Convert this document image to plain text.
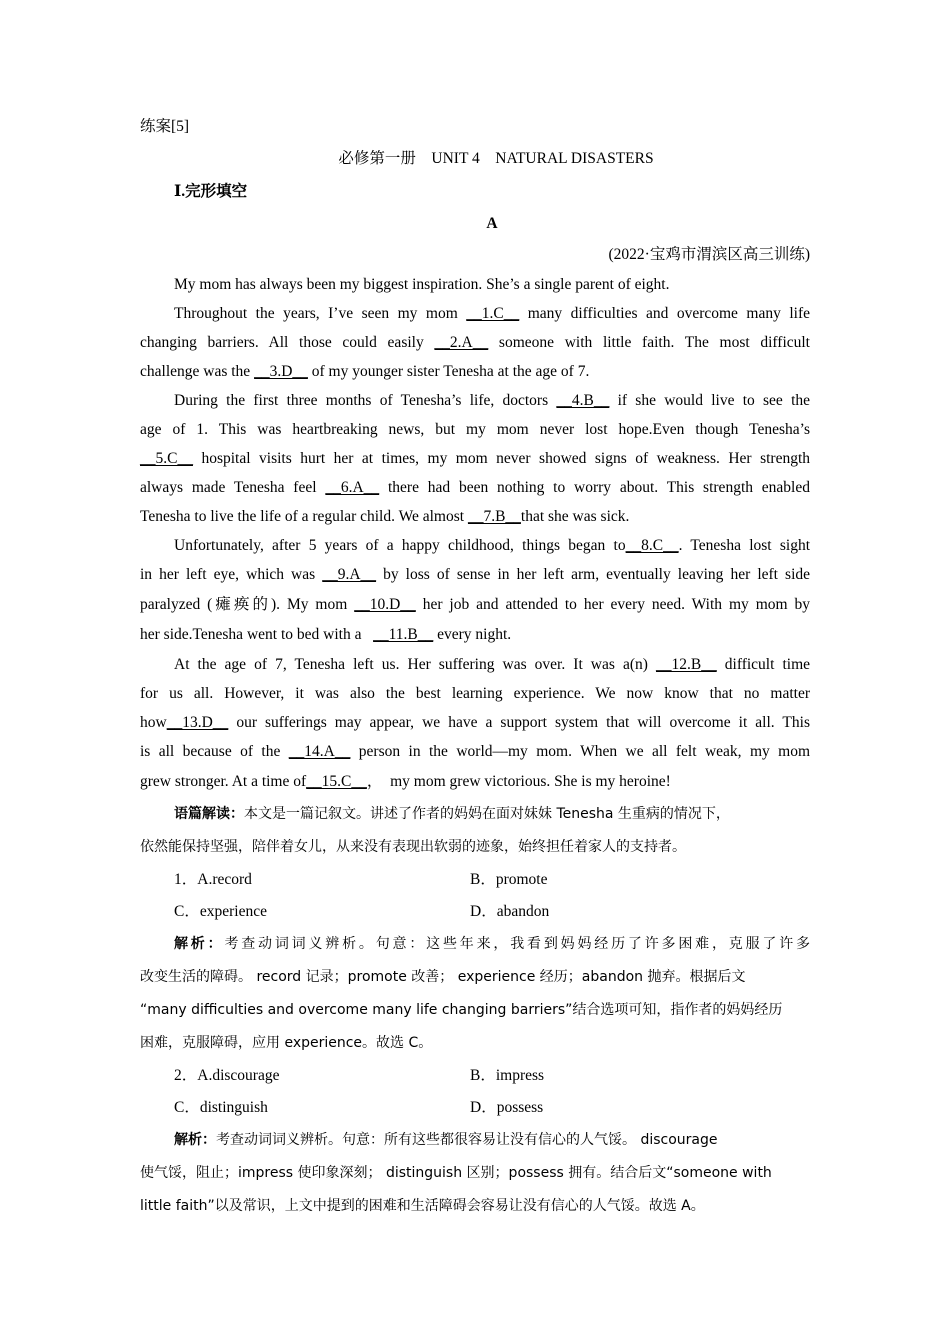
练案[5]
必修第一册　UNIT 4　NATURAL DISASTERS
Ⅰ.完形填空
A
(2022·宝鸡市渭滨区高三训练)
My mom has always been my biggest inspiration. She’s a single parent of eight.
Throughout the years, I’ve seen my mom __1.C__ many difficulties and overcome many life
changing barriers. All those could easily __2.A__ someone with little faith. The most difficult
challenge was the __3.D__ of my younger sister Tenesha at the age of 7.
During the first three months of Tenesha’s life, doctors __4.B__ if she would live to see the
age of 1. This was heartbreaking news, but my mom never lost hope.Even though Tenesha’s
__5.C__ hospital visits hurt her at times, my mom never showed signs of weakness. Her strength
always made Tenesha feel __6.A__ there had been nothing to worry about. This strength enabled
Tenesha to live the life of a regular child. We almost __7.B__that she was sick.
Unfortunately, after 5 years of a happy childhood, things began to__8.C__. Tenesha lost sight
in her left eye, which was __9.A__ by loss of sense in her left arm, eventually leaving her left side
paralyzed (瘫痪的). My mom __10.D__ her job and attended to her every need. With my mom by
her side.Tenesha went to bed with a __11.B__ every night.
At the age of 7, Tenesha left us. Her suffering was over. It was a(n) __12.B__ difficult time
for us all. However, it was also the best learning experience. We now know that no matter
how__13.D__ our sufferings may appear, we have a support system that will overcome it all. This
is all because of the __14.A__ person in the world—my mom. When we all felt weak, my mom
grew stronger. At a time of__15.C__，　my mom grew victorious. She is my heroine!
语篇解读：本文是一篇记叙文。讲述了作者的妈妈在面对妹妹 Tenesha 生重病的情况下，
依然能保持坚强，陪伴着女儿，从来没有表现出软弱的迹象，始终担任着家人的支持者。
1．A.record	B．promote
C．experience	D．abandon
解析：考查动词词义辨析。句意：这些年来，我看到妈妈经历了许多困难，克服了许多
改变生活的障碍。 record 记录；promote 改善； experience 经历；abandon 抛弃。根据后文
“many difficulties and overcome many life changing barriers”结合选项可知，指作者的妈妈经历
困难，克服障碍，应用 experience。故选 C。
2．A.discourage	B．impress
C．distinguish	D．possess
解析：考查动词词义辨析。句意：所有这些都很容易让没有信心的人气馁。 discourage
使气馁，阻止；impress 使印象深刻； distinguish 区别；possess 拥有。结合后文“someone with
little faith”以及常识，上文中提到的困难和生活障碍会容易让没有信心的人气馁。故选 A。
